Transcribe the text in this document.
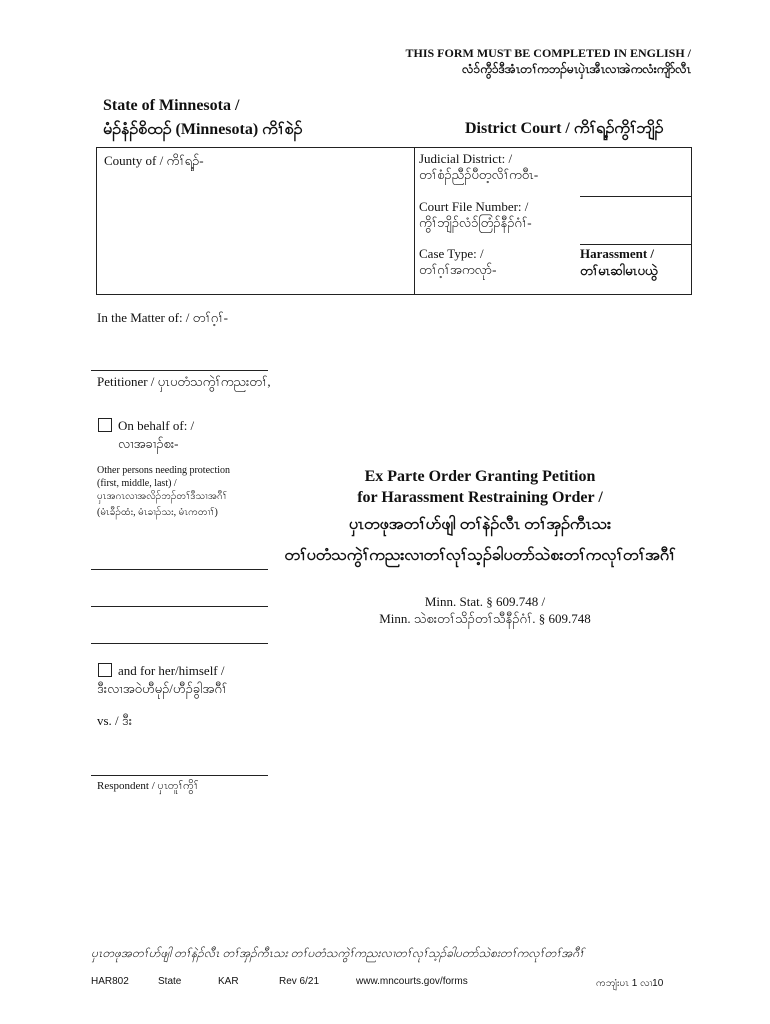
THIS FORM MUST BE COMPLETED IN ENGLISH /
လံၥ်ကွီၥ်ဒီအံၤတၢ်ကဘၣ်မၤပှဲၤအီၤလၢအဲကလံးကျိာ်လီၤ
State of Minnesota /
မံၣ်နံၣ်စိထၣ် (Minnesota) ကိၢ်စဲၣ်	District Court / ကိၢ်ရ့ၣ်ကွိၢ်ဘျိၣ်
County of / ကိၢ်ရ့ၣ်-	Judicial District: /
တၢ်စံၣ်ညီၣ်ပီတ့လိၢ်ကဝီၤ-
Court File Number: /
ကွိၢ်ဘျိၣ်လံၥ်တြံၣ်နီၣ်ဂံၢ်-
Case Type: /
တၢ်ဂ့ၢ်အကလုာ်-
Harassment /
တၢ်မၤဆါမၤပယွဲ
In the Matter of: / တၢ်ဂ့ၢ်-
Petitioner / ပှၤပတံသကွဲၢ်ကညးတၢ်,
On behalf of: /
လၢအခၢၣ်စး-
Other persons needing protection
(first, middle, last) /
ပှၤအဂၤလၢအလိၣ်ဘၣ်တၢ်ဒီသၢအဂီၢ်
(မံၤခီၣ်ထံး, မံၤခၢၣ်သး, မံၤကတၢၢ်)
and for her/himself /
ဒီးလၢအဝဲဟီမုၣ်/ဟီၣ်ခွါအဂီၢ်
vs. / ဒီး
Respondent / ပှၤတူၢ်ကွိၢ်
Ex Parte Order Granting Petition
for Harassment Restraining Order /
ပှၤတဖုအတၢ်ဟ်ဖျါ တၢ်နဲၣ်လီၤ တၢ်အှၣ်ကီၤသး
တၢ်ပတံသကွဲၢ်ကညးလၢတၢ်လုၢ်သ့ၣ်ခါပတာ်သဲစးတၢ်ကလုၢ်တၢ်အဂီၢ်
Minn. Stat. § 609.748 /
Minn. သဲစးတၢ်သိၣ်တၢ်သီနီၣ်ဂံၢ်. § 609.748
ပှၤတဖုအတၢ်ဟ်ဖျါ တၢ်နဲၣ်လီၤ တၢ်အှၣ်ကီၤသး တၢ်ပတံသကွဲၢ်ကညးလၢတၢ်လုၢ်သ့ၣ်ခါပတာ်သဲစးတၢ်ကလုၢ်တၢ်အဂီၢ်
HAR802	State	KAR	Rev 6/21	www.mncourts.gov/forms	ကဘျံးပၤ 1 လၢ10
